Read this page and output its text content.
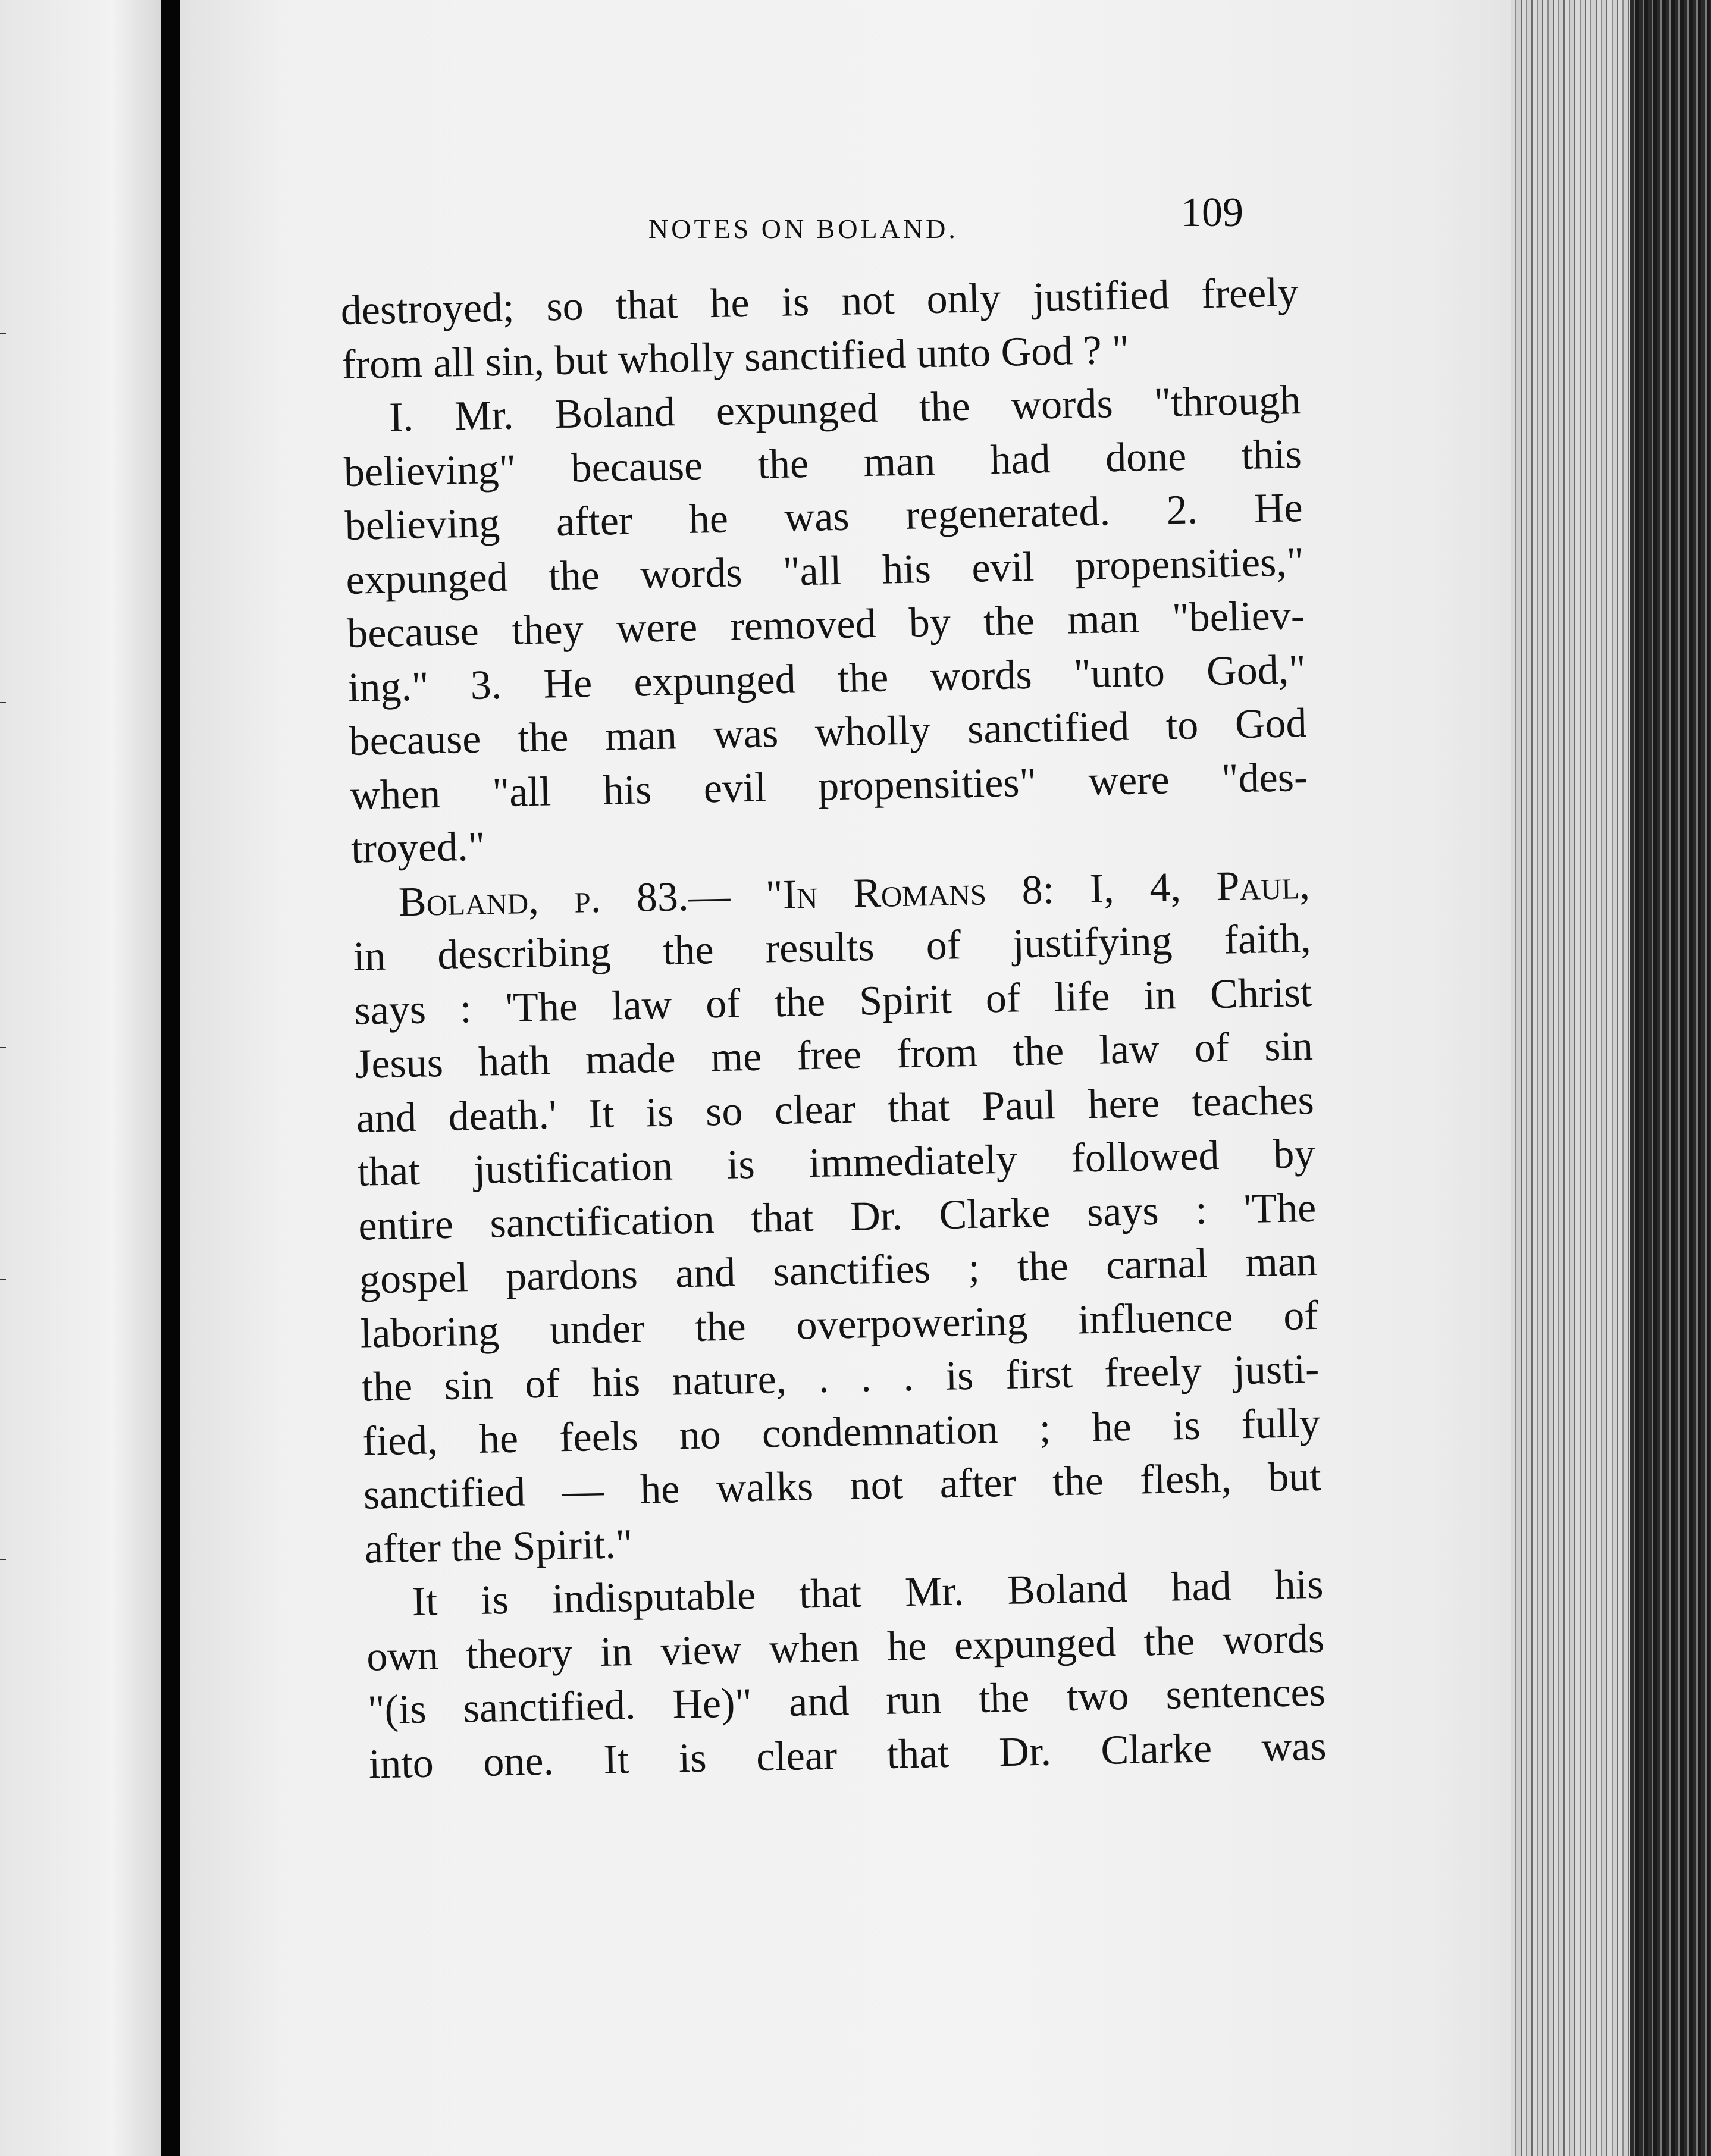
NOTES ON BOLAND.	109
destroyed; so that he is not only justified freely
from all sin, but wholly sanctified unto God ? "
I. Mr. Boland expunged the words "through
believing" because the man had done this
believing after he was regenerated. 2. He
expunged the words "all his evil propensities,"
because they were removed by the man "believ-
ing." 3. He expunged the words "unto God,"
because the man was wholly sanctified to God
when "all his evil propensities" were "des-
troyed."
Boland, p. 83.— "In Romans 8: I, 4, Paul,
in describing the results of justifying faith,
says : 'The law of the Spirit of life in Christ
Jesus hath made me free from the law of sin
and death.' It is so clear that Paul here teaches
that justification is immediately followed by
entire sanctification that Dr. Clarke says : 'The
gospel pardons and sanctifies ; the carnal man
laboring under the overpowering influence of
the sin of his nature, . . . is first freely justi-
fied, he feels no condemnation ; he is fully
sanctified — he walks not after the flesh, but
after the Spirit."
It is indisputable that Mr. Boland had his
own theory in view when he expunged the words
"(is sanctified. He)" and run the two sentences
into one. It is clear that Dr. Clarke was
